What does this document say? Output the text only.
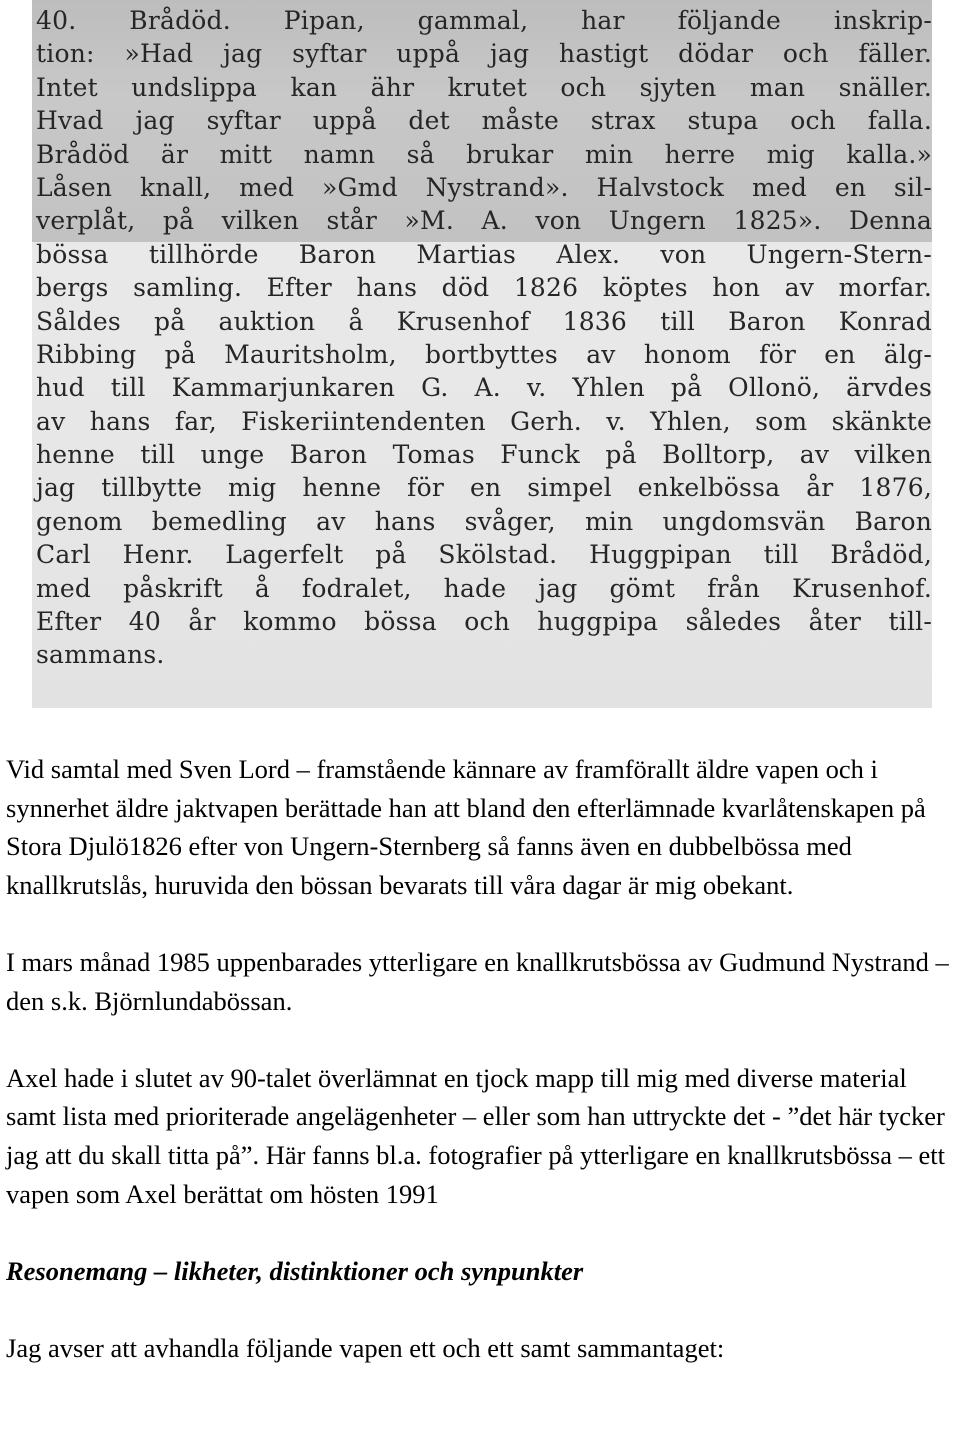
40. Brådöd. Pipan, gammal, har följande inskrip-
tion: »Had jag syftar uppå jag hastigt dödar och fäller.
Intet undslippa kan ähr krutet och sjyten man snäller.
Hvad jag syftar uppå det måste strax stupa och falla.
Brådöd är mitt namn så brukar min herre mig kalla.»
Låsen knall, med »Gmd Nystrand». Halvstock med en sil-
verplåt, på vilken står »M. A. von Ungern 1825». Denna
bössa tillhörde Baron Martias Alex. von Ungern-Stern-
bergs samling. Efter hans död 1826 köptes hon av morfar.
Såldes på auktion å Krusenhof 1836 till Baron Konrad
Ribbing på Mauritsholm, bortbyttes av honom för en älg-
hud till Kammarjunkaren G. A. v. Yhlen på Ollonö, ärvdes
av hans far, Fiskeriintendenten Gerh. v. Yhlen, som skänkte
henne till unge Baron Tomas Funck på Bolltorp, av vilken
jag tillbytte mig henne för en simpel enkelbössa år 1876,
genom bemedling av hans svåger, min ungdomsvän Baron
Carl Henr. Lagerfelt på Skölstad. Huggpipan till Brådöd,
med påskrift å fodralet, hade jag gömt från Krusenhof.
Efter 40 år kommo bössa och huggpipa således åter till-
sammans.

Vid samtal med Sven Lord – framstående kännare av framförallt äldre vapen och i synnerhet äldre jaktvapen berättade han att bland den efterlämnade kvarlåtenskapen på Stora Djulö1826 efter von Ungern-Sternberg så fanns även en dubbelbössa med knallkrutslås, huruvida den bössan bevarats till våra dagar är mig obekant.

I mars månad 1985 uppenbarades ytterligare en knallkrutsbössa av Gudmund Nystrand – den s.k. Björnlundabössan.

Axel hade i slutet av 90-talet överlämnat en tjock mapp till mig med diverse material samt lista med prioriterade angelägenheter – eller som han uttryckte det - ”det här tycker jag att du skall titta på”. Här fanns bl.a. fotografier på ytterligare en knallkrutsbössa – ett vapen som Axel berättat om hösten 1991

Resonemang – likheter, distinktioner och synpunkter

Jag avser att avhandla följande vapen ett och ett samt sammantaget:
